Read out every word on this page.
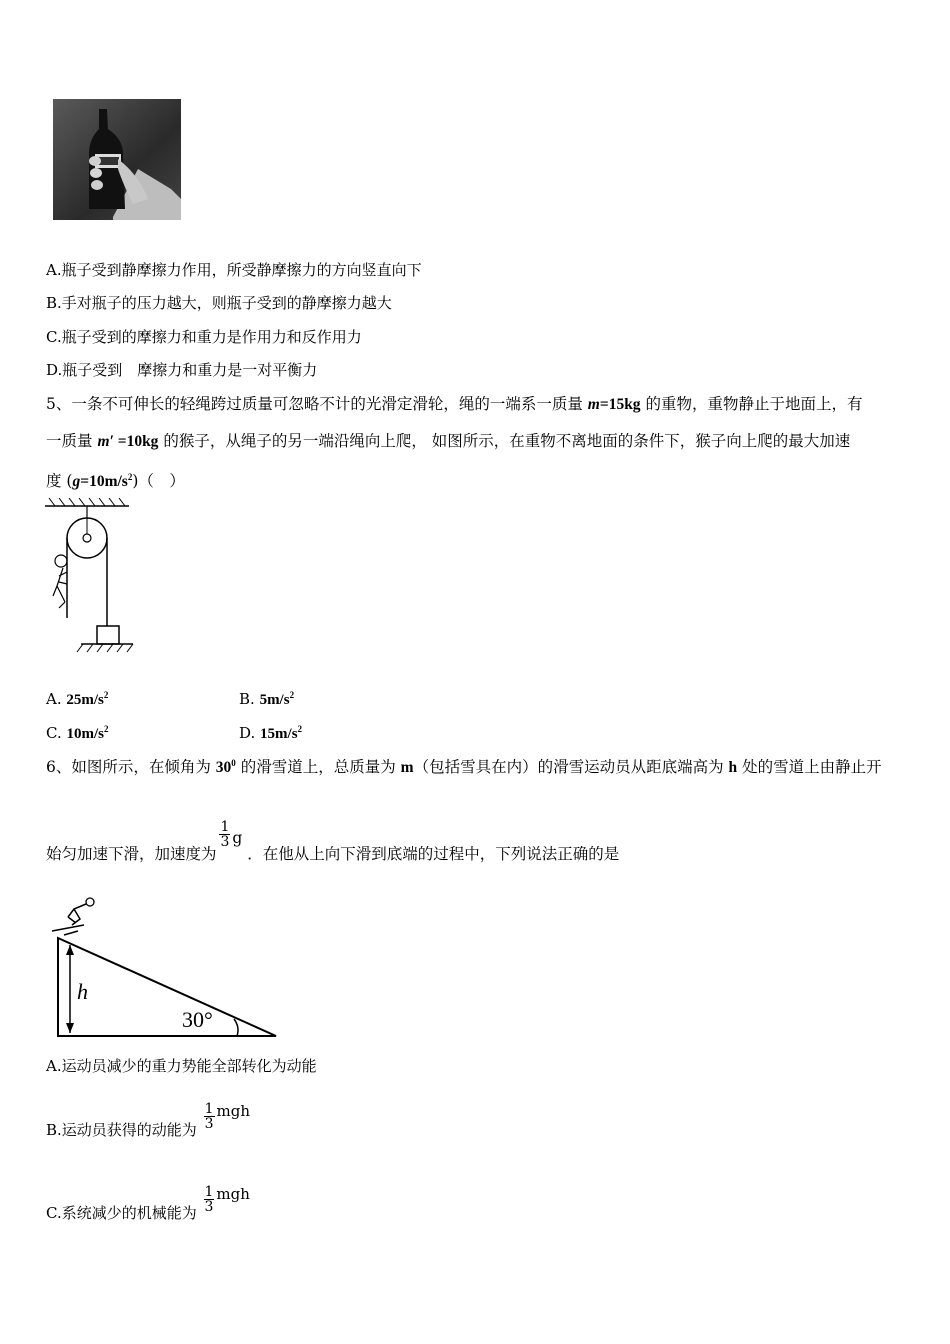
A.瓶子受到静摩擦力作用，所受静摩擦力的方向竖直向下
B.手对瓶子的压力越大，则瓶子受到的静摩擦力越大
C.瓶子受到的摩擦力和重力是作用力和反作用力
D.瓶子受到　摩擦力和重力是一对平衡力
5、一条不可伸长的轻绳跨过质量可忽略不计的光滑定滑轮，绳的一端系一质量 m=15kg 的重物，重物静止于地面上，有
一质量 m′ =10kg 的猴子，从绳子的另一端沿绳向上爬， 如图所示，在重物不离地面的条件下，猴子向上爬的最大加速
度 $(g=10m/s^2)$（　）
A. $25m/s^2$	B. $5m/s^2$
C. $10m/s^2$	D. $15m/s^2$
6、如图所示，在倾角为 $30^0$ 的滑雪道上，总质量为 m（包括雪具在内）的滑雪运动员从距底端高为 h 处的雪道上由静止开
始匀加速下滑，加速度为
$\frac{1}{3}$ g ．在他从上向下滑到底端的过程中，下列说法正确的是
h
30°
A.运动员减少的重力势能全部转化为动能
B.运动员获得的动能为 $\frac{1}{3}$ mgh
C.系统减少的机械能为 $\frac{1}{3}$ mgh
